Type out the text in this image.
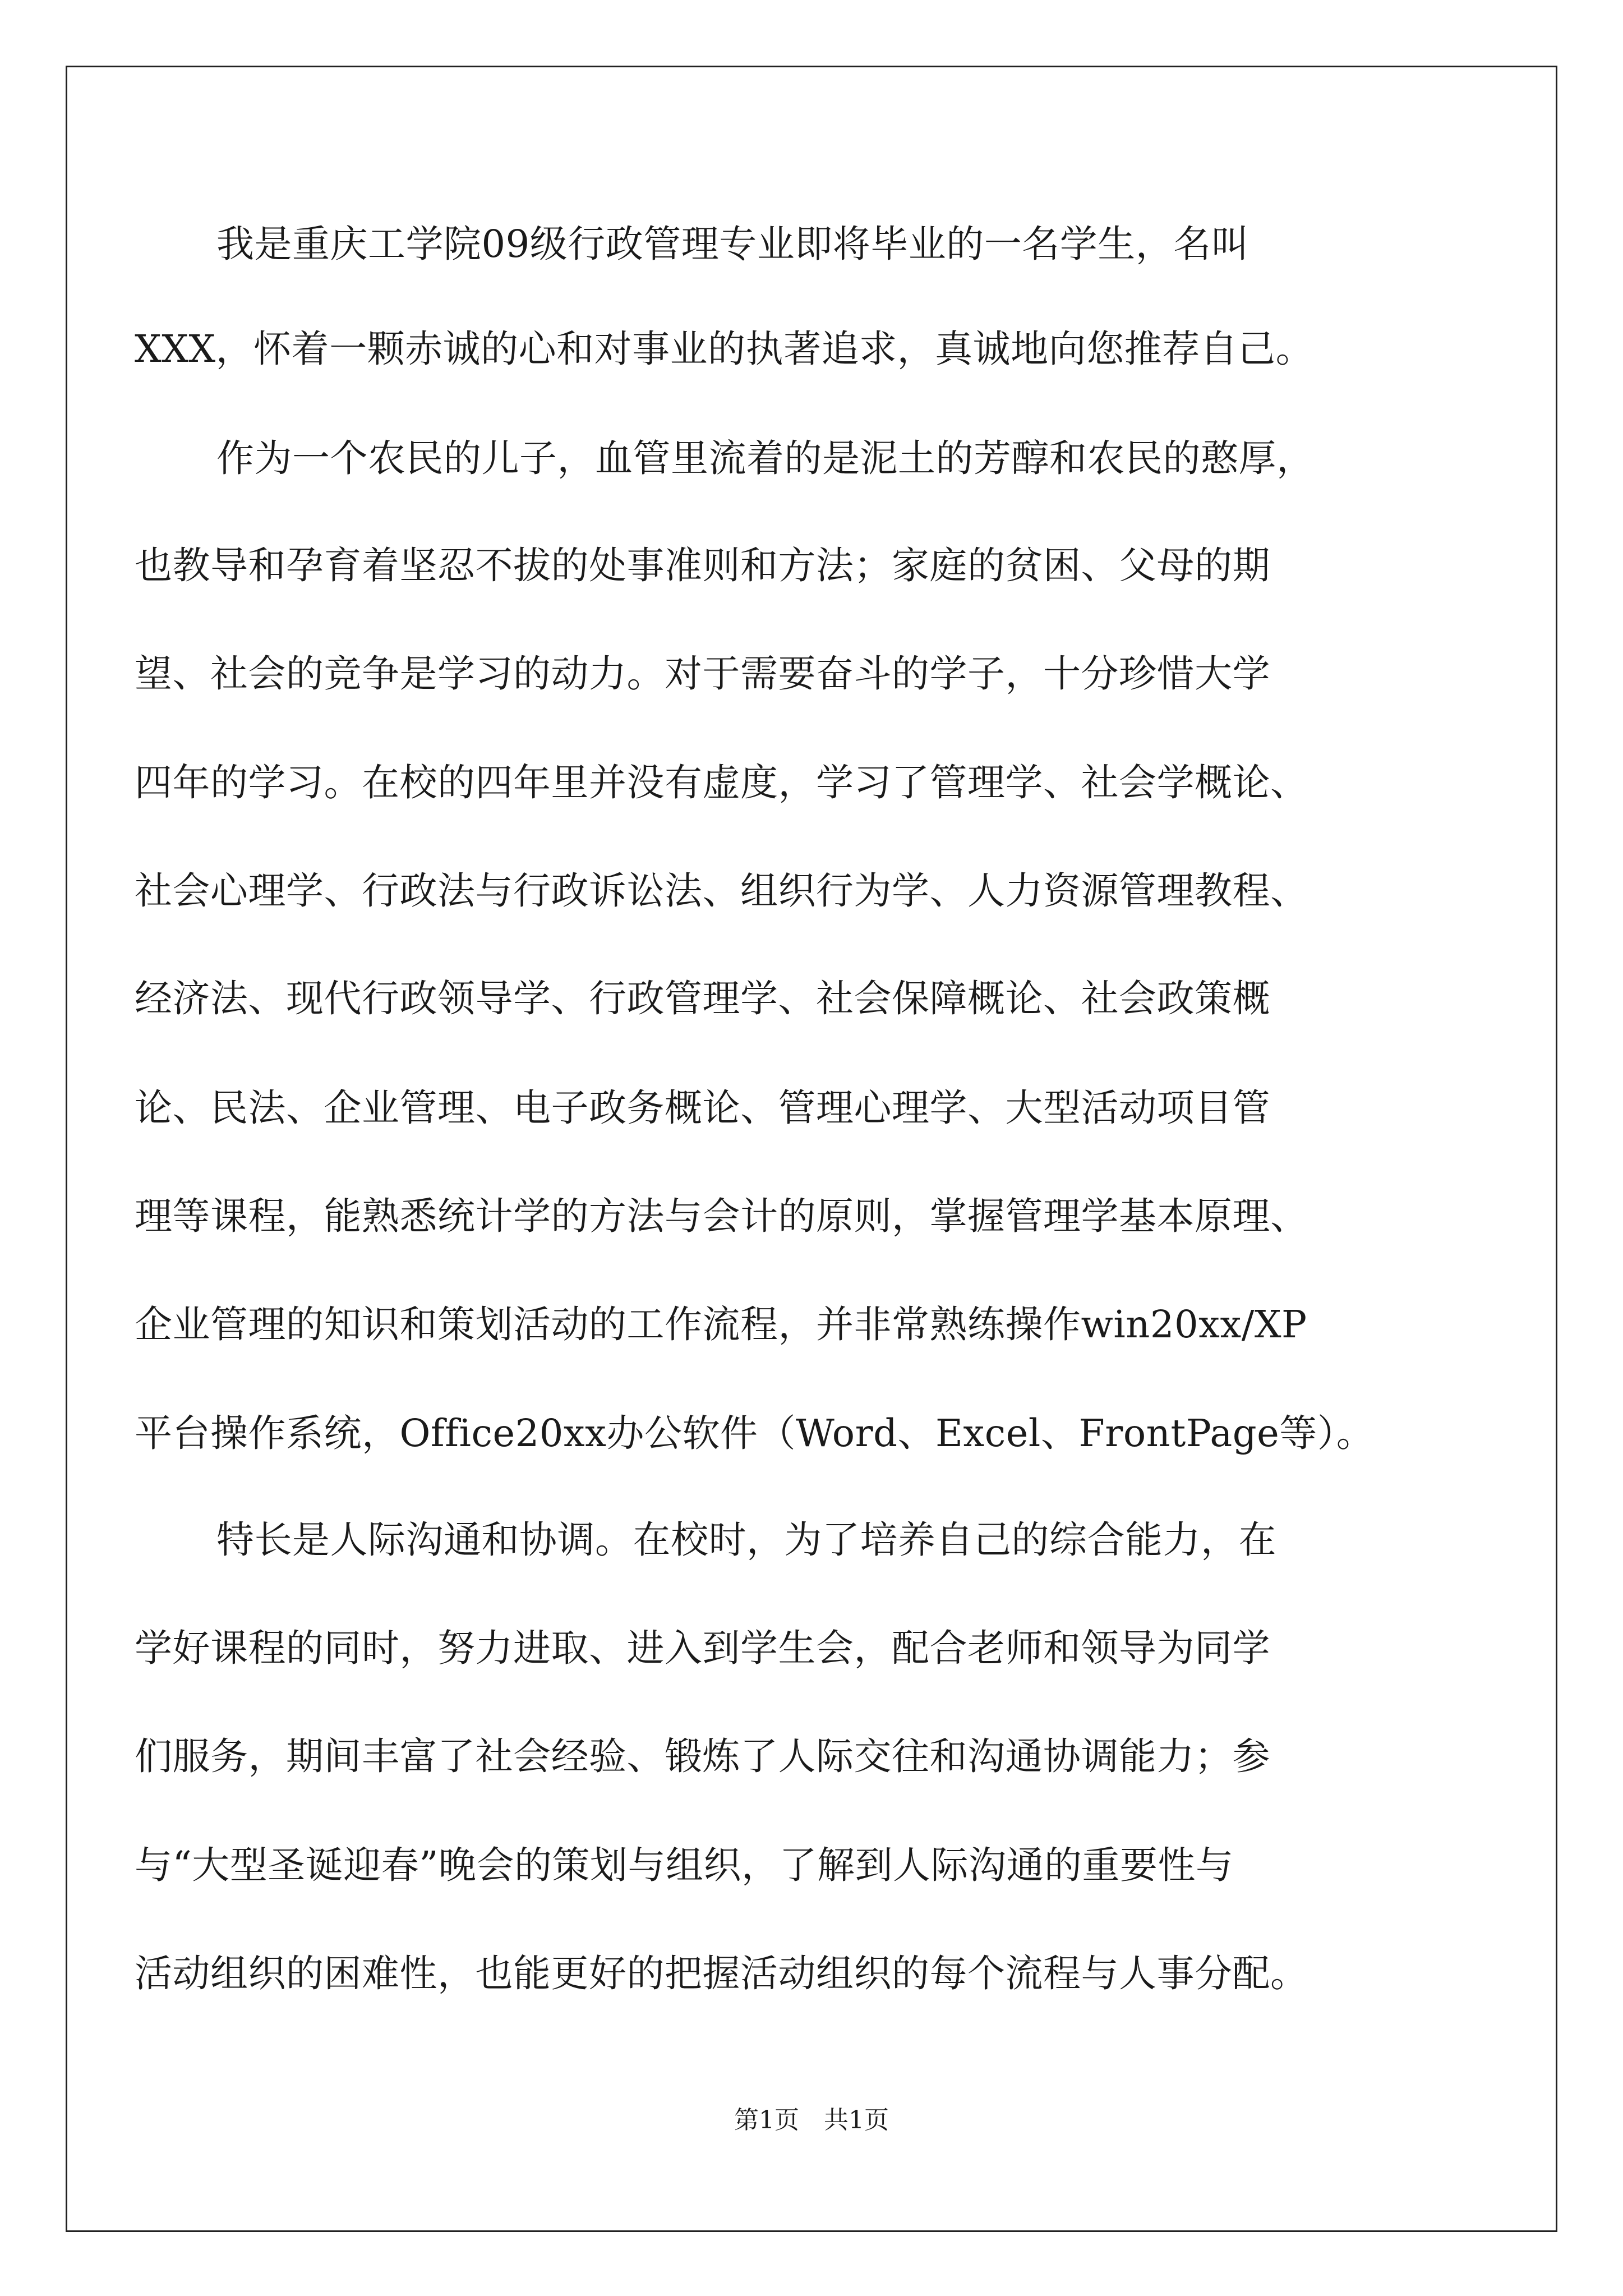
我是重庆工学院09级行政管理专业即将毕业的一名学生，名叫
XXX，怀着一颗赤诚的心和对事业的执著追求，真诚地向您推荐自己。
作为一个农民的儿子，血管里流着的是泥土的芳醇和农民的憨厚，
也教导和孕育着坚忍不拔的处事准则和方法；家庭的贫困、父母的期
望、社会的竞争是学习的动力。对于需要奋斗的学子，十分珍惜大学
四年的学习。在校的四年里并没有虚度，学习了管理学、社会学概论、
社会心理学、行政法与行政诉讼法、组织行为学、人力资源管理教程、
经济法、现代行政领导学、行政管理学、社会保障概论、社会政策概
论、民法、企业管理、电子政务概论、管理心理学、大型活动项目管
理等课程，能熟悉统计学的方法与会计的原则，掌握管理学基本原理、
企业管理的知识和策划活动的工作流程，并非常熟练操作win20xx/XP
平台操作系统，Office20xx办公软件（Word、Excel、FrontPage等）。
特长是人际沟通和协调。在校时，为了培养自己的综合能力，在
学好课程的同时，努力进取、进入到学生会，配合老师和领导为同学
们服务，期间丰富了社会经验、锻炼了人际交往和沟通协调能力；参
与“大型圣诞迎春”晚会的策划与组织，了解到人际沟通的重要性与
活动组织的困难性，也能更好的把握活动组织的每个流程与人事分配。
第1页　共1页
